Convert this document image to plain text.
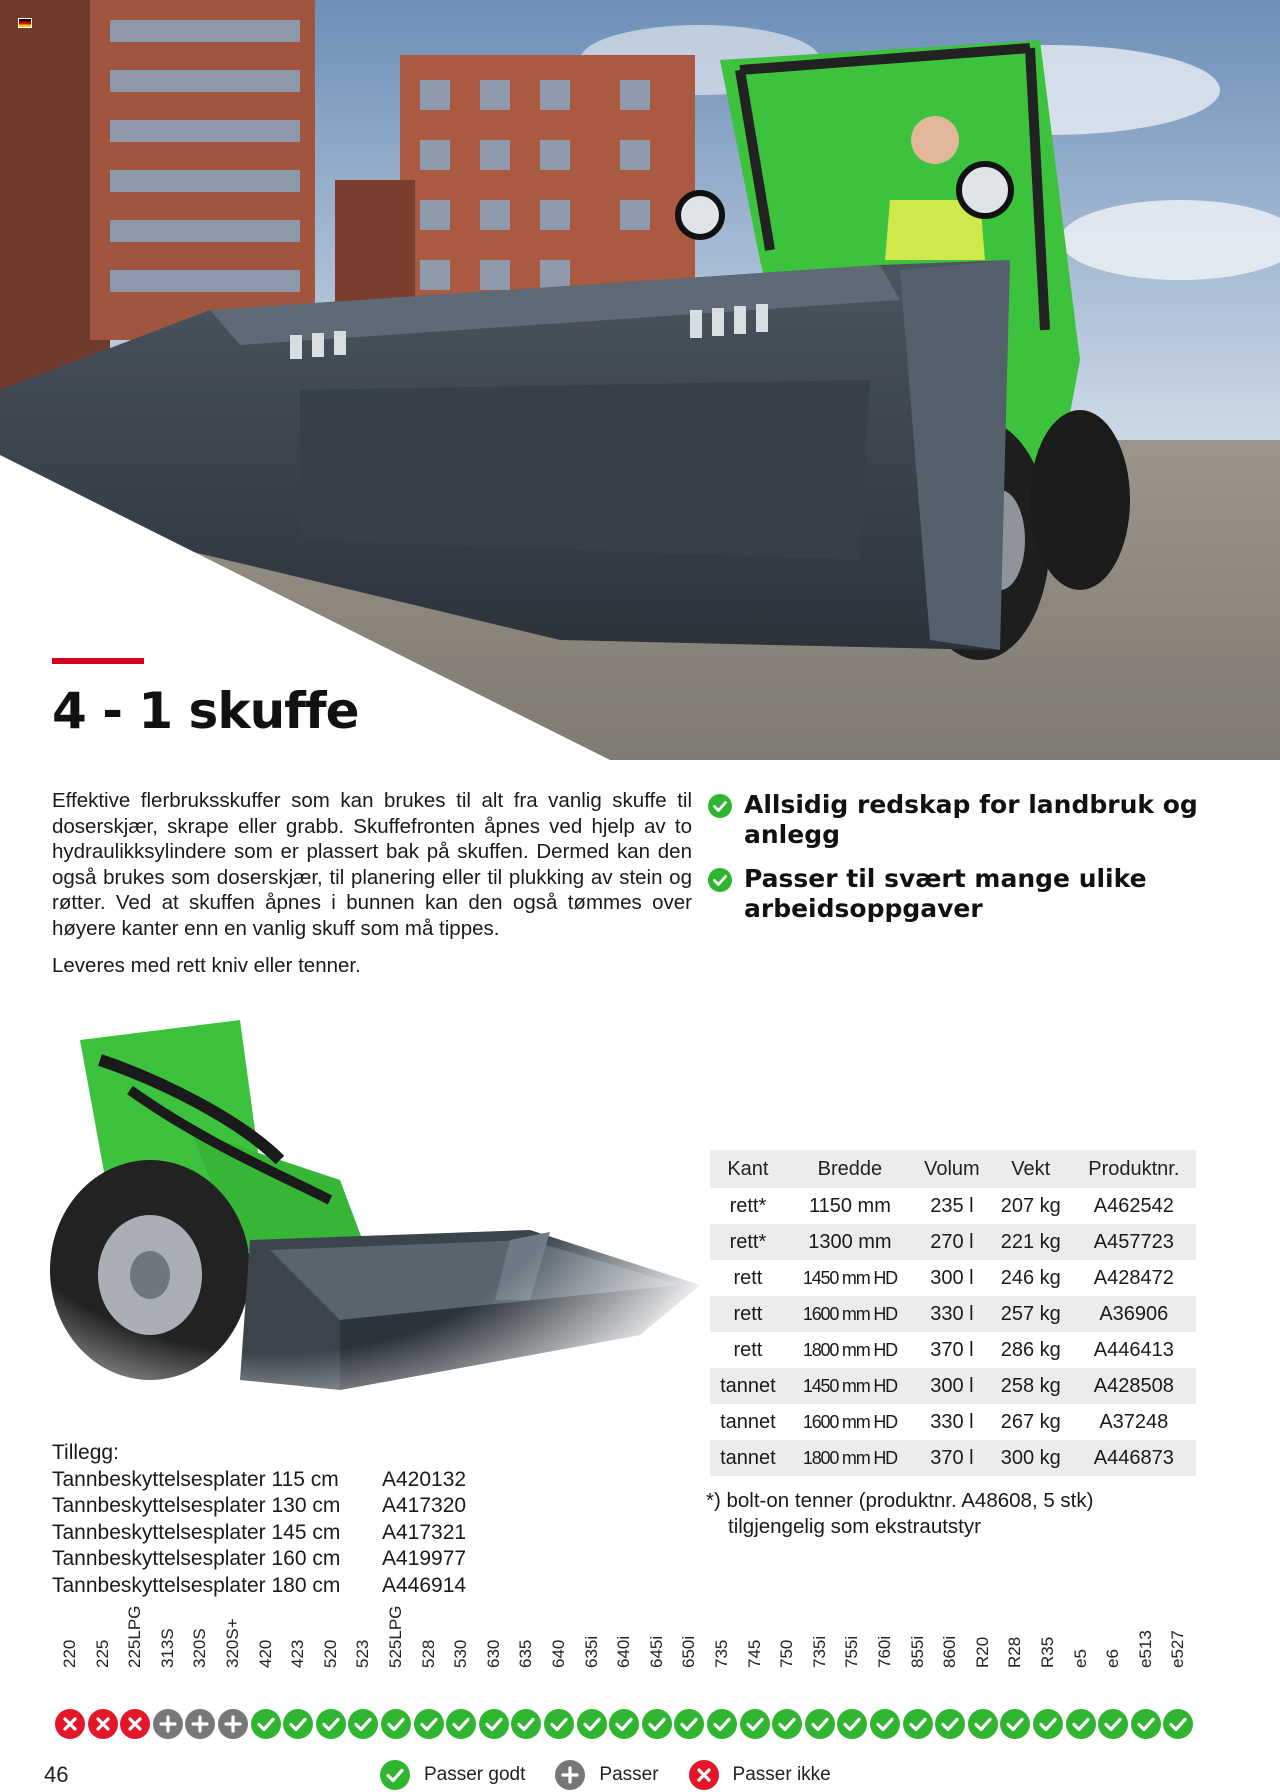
4 - 1 skuffe

Effektive flerbruksskuffer som kan brukes til alt fra vanlig skuffe til doserskjær, skrape eller grabb. Skuffefronten åpnes ved hjelp av to hydraulikksylindere som er plassert bak på skuffen. Dermed kan den også brukes som doserskjær, til planering eller til plukking av stein og røtter. Ved at skuffen åpnes i bunnen kan den også tømmes over høyere kanter enn en vanlig skuff som må tippes.

Leveres med rett kniv eller tenner.

Allsidig redskap for landbruk og anlegg
Passer til svært mange ulike arbeidsoppgaver
Kant	Bredde	Volum	Vekt	Produktnr.
rett*	1150 mm	235 l	207 kg	A462542
rett*	1300 mm	270 l	221 kg	A457723
rett	1450 mm HD	300 l	246 kg	A428472
rett	1600 mm HD	330 l	257 kg	A36906
rett	1800 mm HD	370 l	286 kg	A446413
tannet	1450 mm HD	300 l	258 kg	A428508
tannet	1600 mm HD	330 l	267 kg	A37248
tannet	1800 mm HD	370 l	300 kg	A446873

*) bolt-on tenner (produktnr. A48608, 5 stk)
tilgjengelig som ekstrautstyr

Tillegg:
Tannbeskyttelsesplater 115 cm	A420132
Tannbeskyttelsesplater 130 cm	A417320
Tannbeskyttelsesplater 145 cm	A417321
Tannbeskyttelsesplater 160 cm	A419977
Tannbeskyttelsesplater 180 cm	A446914
220 225 225LPG 313S 320S 320S+ 420 423 520 523 525LPG 528 530 630 635 640 635i 640i 645i 650i 735 745 750 735i 755i 760i 855i 860i R20 R28 R35 e5 e6 e513 e527
Passer godt	Passer	Passer ikke
46
